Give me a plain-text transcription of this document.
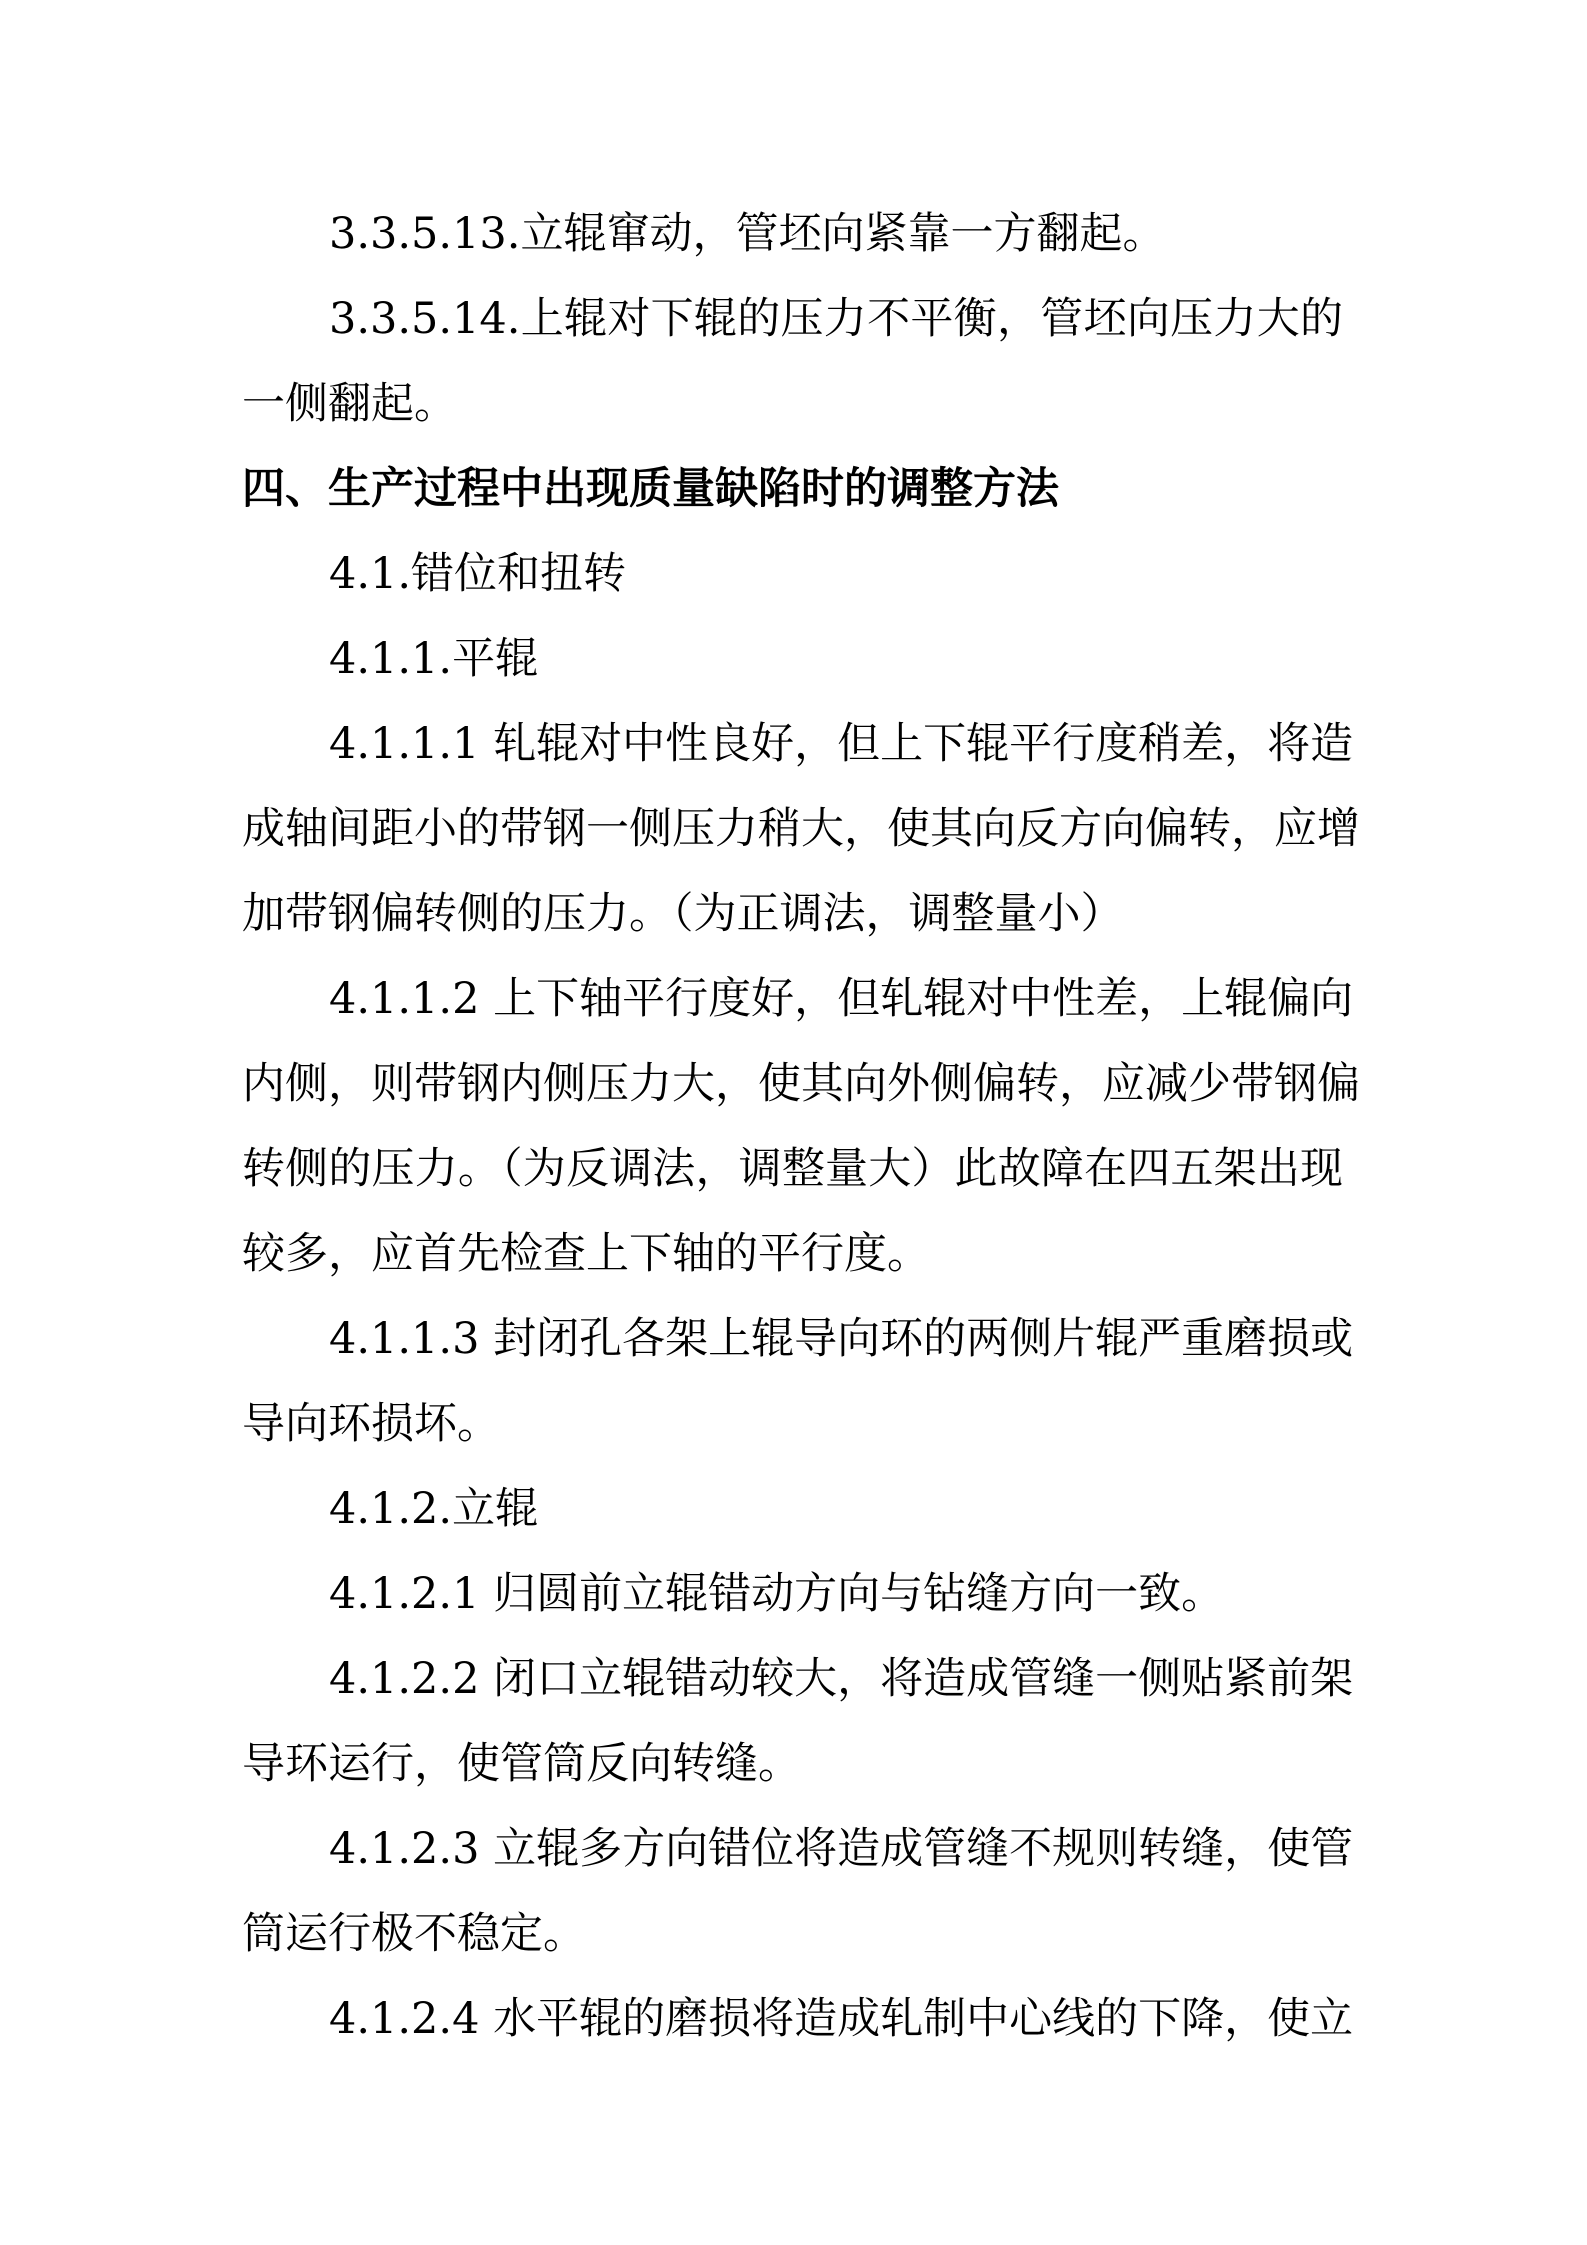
3.3.5.13.立辊窜动，管坯向紧靠一方翻起。
3.3.5.14.上辊对下辊的压力不平衡，管坯向压力大的
一侧翻起。
四、生产过程中出现质量缺陷时的调整方法
4.1.错位和扭转
4.1.1.平辊
4.1.1.1 轧辊对中性良好，但上下辊平行度稍差，将造
成轴间距小的带钢一侧压力稍大，使其向反方向偏转，应增
加带钢偏转侧的压力。（为正调法，调整量小）
4.1.1.2 上下轴平行度好，但轧辊对中性差，上辊偏向
内侧，则带钢内侧压力大，使其向外侧偏转，应减少带钢偏
转侧的压力。（为反调法，调整量大）此故障在四五架出现
较多，应首先检查上下轴的平行度。
4.1.1.3 封闭孔各架上辊导向环的两侧片辊严重磨损或
导向环损坏。
4.1.2.立辊
4.1.2.1 归圆前立辊错动方向与钻缝方向一致。
4.1.2.2 闭口立辊错动较大，将造成管缝一侧贴紧前架
导环运行，使管筒反向转缝。
4.1.2.3 立辊多方向错位将造成管缝不规则转缝，使管
筒运行极不稳定。
4.1.2.4 水平辊的磨损将造成轧制中心线的下降，使立
